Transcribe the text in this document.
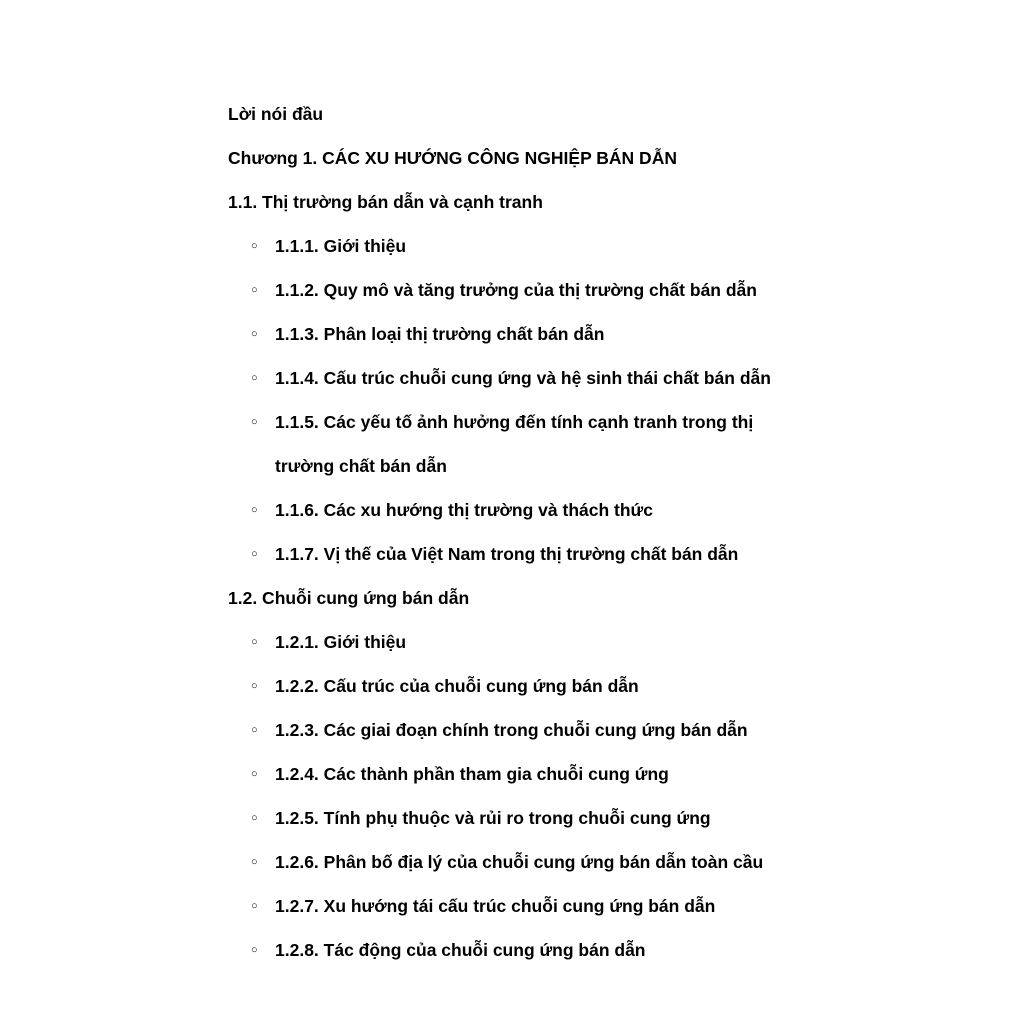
Lời nói đầu
Chương 1. CÁC XU HƯỚNG CÔNG NGHIỆP BÁN DẪN
1.1. Thị trường bán dẫn và cạnh tranh
○ 1.1.1. Giới thiệu
○ 1.1.2. Quy mô và tăng trưởng của thị trường chất bán dẫn
○ 1.1.3. Phân loại thị trường chất bán dẫn
○ 1.1.4. Cấu trúc chuỗi cung ứng và hệ sinh thái chất bán dẫn
○ 1.1.5. Các yếu tố ảnh hưởng đến tính cạnh tranh trong thị trường chất bán dẫn
○ 1.1.6. Các xu hướng thị trường và thách thức
○ 1.1.7. Vị thế của Việt Nam trong thị trường chất bán dẫn
1.2. Chuỗi cung ứng bán dẫn
○ 1.2.1. Giới thiệu
○ 1.2.2. Cấu trúc của chuỗi cung ứng bán dẫn
○ 1.2.3. Các giai đoạn chính trong chuỗi cung ứng bán dẫn
○ 1.2.4. Các thành phần tham gia chuỗi cung ứng
○ 1.2.5. Tính phụ thuộc và rủi ro trong chuỗi cung ứng
○ 1.2.6. Phân bố địa lý của chuỗi cung ứng bán dẫn toàn cầu
○ 1.2.7. Xu hướng tái cấu trúc chuỗi cung ứng bán dẫn
○ 1.2.8. Tác động của chuỗi cung ứng bán dẫn
